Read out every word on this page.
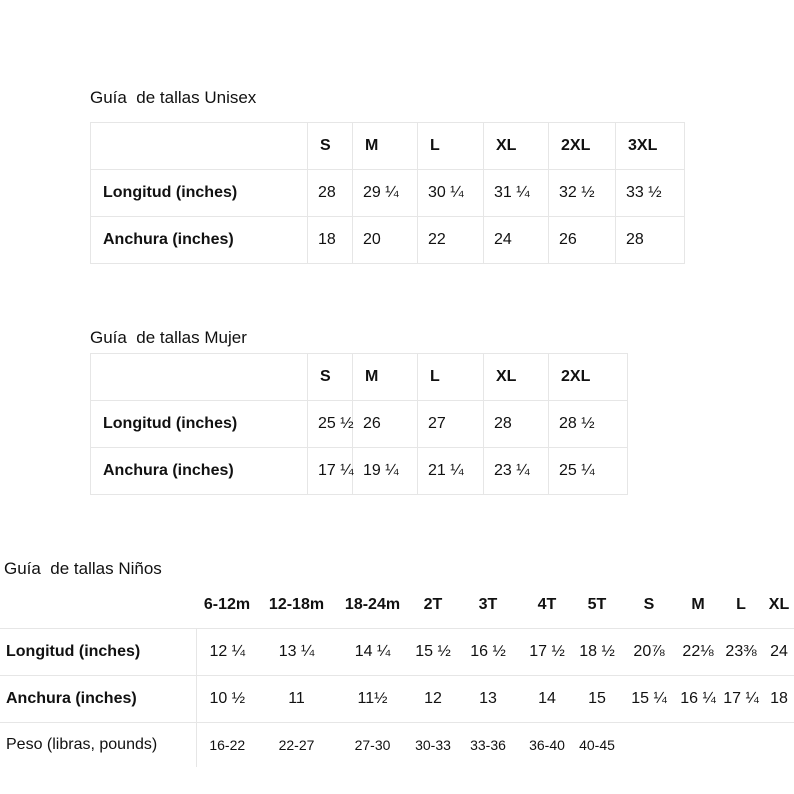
Guía  de tallas Unisex
	S	M	L	XL	2XL	3XL
Longitud (inches)	28	29 ¼	30 ¼	31 ¼	32 ½	33 ½
Anchura (inches)	18	20	22	24	26	28
Guía  de tallas Mujer
	S	M	L	XL	2XL
Longitud (inches)	25 ½	26	27	28	28 ½
Anchura (inches)	17 ¼	19 ¼	21 ¼	23 ¼	25 ¼
Guía  de tallas Niños
	6-12m	12-18m	18-24m	2T	3T	4T	5T	S	M	L	XL
Longitud (inches)	12 ¼	13 ¼	14 ¼	15 ½	16 ½	17 ½	18 ½	20⅞	22⅛	23⅜	24
Anchura (inches)	10 ½	11	11½	12	13	14	15	15 ¼	16 ¼	17 ¼	18
Peso (libras, pounds)	16-22	22-27	27-30	30-33	33-36	36-40	40-45				
